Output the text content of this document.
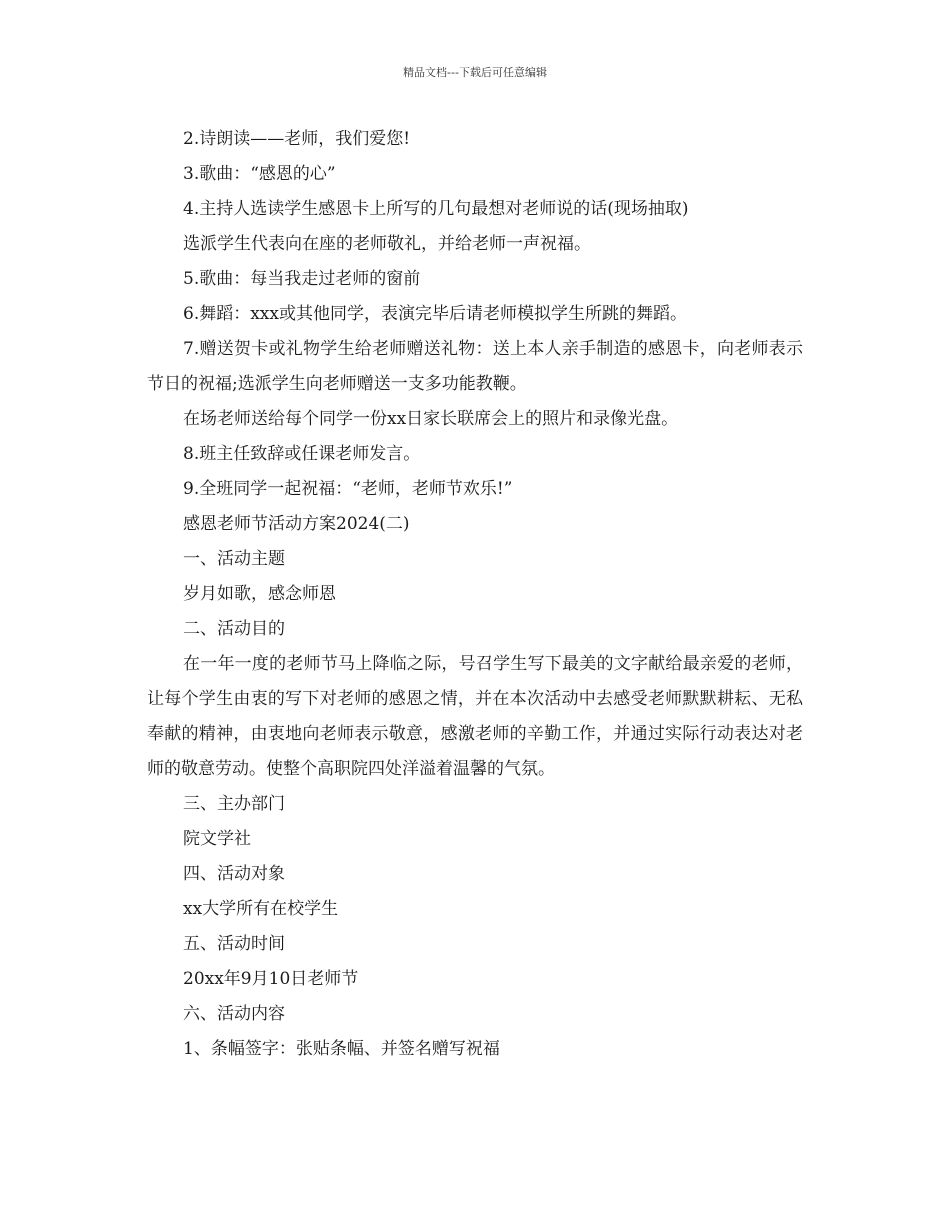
精品文档---下载后可任意编辑

2.诗朗读——老师，我们爱您!

3.歌曲：“感恩的心”

4.主持人选读学生感恩卡上所写的几句最想对老师说的话(现场抽取)

选派学生代表向在座的老师敬礼，并给老师一声祝福。

5.歌曲：每当我走过老师的窗前

6.舞蹈：xxx或其他同学，表演完毕后请老师模拟学生所跳的舞蹈。

7.赠送贺卡或礼物学生给老师赠送礼物：送上本人亲手制造的感恩卡，向老师表示节日的祝福;选派学生向老师赠送一支多功能教鞭。

在场老师送给每个同学一份xx日家长联席会上的照片和录像光盘。

8.班主任致辞或任课老师发言。

9.全班同学一起祝福：“老师，老师节欢乐!”

感恩老师节活动方案2024(二)

一、活动主题

岁月如歌，感念师恩

二、活动目的

在一年一度的老师节马上降临之际，号召学生写下最美的文字献给最亲爱的老师，让每个学生由衷的写下对老师的感恩之情，并在本次活动中去感受老师默默耕耘、无私奉献的精神，由衷地向老师表示敬意，感激老师的辛勤工作，并通过实际行动表达对老师的敬意劳动。使整个高职院四处洋溢着温馨的气氛。

三、主办部门

院文学社

四、活动对象

xx大学所有在校学生

五、活动时间

20xx年9月10日老师节

六、活动内容

1、条幅签字：张贴条幅、并签名赠写祝福
